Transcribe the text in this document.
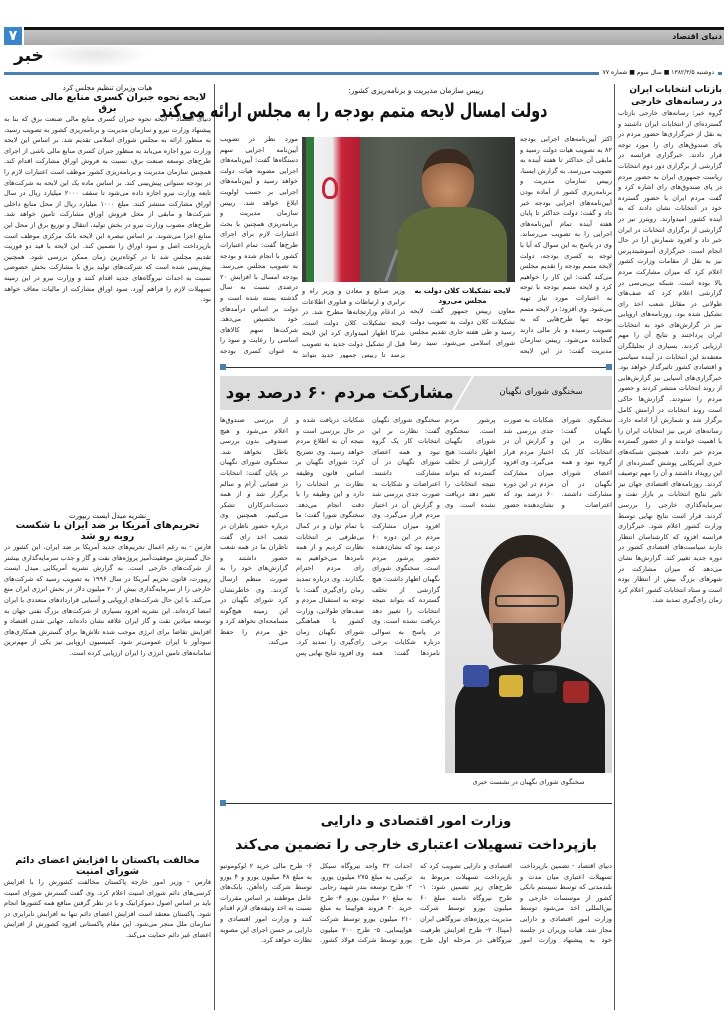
۷	دنیای اقتصاد
خبر
دوشنبه ۱۳۸۲/۳/۵ ■ سال سوم ■ شماره ۷۷
بازتاب انتخابات ایران در رسانه‌های خارجی
گروه خبر: رسانه‌های خارجی بازتاب گسترده‌ای از انتخابات ایران داشتند و به نقل از خبرگزاری‌ها حضور مردم در پای صندوق‌های رای را مورد توجه قرار دادند. خبرگزاری فرانسه در گزارشی از برگزاری دور دوم انتخابات ریاست جمهوری ایران به حضور مردم در پای صندوق‌های رای اشاره کرد و گفت مردم ایران با حضور گسترده خود در انتخابات نشان دادند که به آینده کشور امیدوارند. رویترز نیز در گزارشی از برگزاری انتخابات در ایران خبر داد و افزود شمارش آرا در حال انجام است. خبرگزاری آسوشیتدپرس نیز به نقل از مقامات وزارت کشور اعلام کرد که میزان مشارکت مردم بالا بوده است. شبکه بی‌بی‌سی در گزارشی اعلام کرد که صف‌های طولانی در مقابل شعب اخذ رای تشکیل شده بود. روزنامه‌های اروپایی نیز در گزارش‌های خود به انتخابات ایران پرداختند و نتایج آن را مهم ارزیابی کردند. بسیاری از تحلیلگران معتقدند این انتخابات در آینده سیاسی و اقتصادی کشور تاثیرگذار خواهد بود. خبرگزاری‌های آسیایی نیز گزارش‌هایی از روند انتخابات منتشر کردند و حضور مردم را ستودند. گزارش‌ها حاکی است روند انتخابات در آرامش کامل برگزار شد و شمارش آرا ادامه دارد. رسانه‌های عربی نیز انتخابات ایران را با اهمیت خواندند و از حضور گسترده مردم خبر دادند. همچنین شبکه‌های خبری آمریکایی پوشش گسترده‌ای از این رویداد داشتند و آن را مهم توصیف کردند. روزنامه‌های اقتصادی جهان نیز تاثیر نتایج انتخابات بر بازار نفت و سرمایه‌گذاری خارجی را بررسی کردند. قرار است نتایج نهایی توسط وزارت کشور اعلام شود. خبرگزاری فرانسه افزود که کارشناسان انتظار دارند سیاست‌های اقتصادی کشور در دوره جدید تغییر کند. گزارش‌ها نشان می‌دهد که میزان مشارکت در شهرهای بزرگ بیش از انتظار بوده است و ستاد انتخابات کشور اعلام کرد زمان رای‌گیری تمدید شد.
هیات وزیران تنظیم مجلس کرد
لایحه نحوه جبران کسری منابع مالی صنعت برق
دنیای اقتصاد - لایحه نحوه جبران کسری منابع مالی صنعت برق که بنا به پیشنهاد وزارت نیرو و سازمان مدیریت و برنامه‌ریزی کشور به تصویب رسید، به منظور ارائه به مجلس شورای اسلامی تقدیم شد. بر اساس این لایحه وزارت نیرو اجازه می‌یابد به منظور جبران کسری منابع مالی ناشی از اجرای طرح‌های توسعه صنعت برق، نسبت به فروش اوراق مشارکت اقدام کند. همچنین سازمان مدیریت و برنامه‌ریزی کشور موظف است اعتبارات لازم را در بودجه سنواتی پیش‌بینی کند. بر اساس ماده یک این لایحه به شرکت‌های تابعه وزارت نیرو اجازه داده می‌شود تا سقف ۲۰۰۰ میلیارد ریال در سال اوراق مشارکت منتشر کنند. مبلغ ۱۰۰۰ میلیارد ریال از محل منابع داخلی شرکت‌ها و مابقی از محل فروش اوراق مشارکت تامین خواهد شد. طرح‌های مصوب وزارت نیرو در بخش تولید، انتقال و توزیع برق از محل این منابع اجرا می‌شوند. بر اساس تبصره این لایحه بانک مرکزی موظف است بازپرداخت اصل و سود اوراق را تضمین کند. این لایحه با قید دو فوریت تقدیم مجلس شد تا در کوتاه‌ترین زمان ممکن بررسی شود. همچنین پیش‌بینی شده است که شرکت‌های تولید برق با مشارکت بخش خصوصی نسبت به احداث نیروگاه‌های جدید اقدام کنند و وزارت نیرو در این زمینه تسهیلات لازم را فراهم آورد. سود اوراق مشارکت از مالیات معاف خواهد بود.
نشریه میدل ایست ریپورت
تحریم‌های آمریکا بر ضد ایران با شکست روبه رو شد
فارس - به رغم اعمال تحریم‌های جدید آمریکا بر ضد ایران، این کشور در حال گسترش موفقیت‌آمیز پروژه‌های نفت و گاز و جذب سرمایه‌گذاری بیشتر از شرکت‌های خارجی است. به گزارش نشریه آمریکایی میدل ایست ریپورت، قانون تحریم آمریکا در سال ۱۹۹۶ به تصویب رسید که شرکت‌های خارجی را از سرمایه‌گذاری بیش از ۲۰ میلیون دلار در بخش انرژی ایران منع می‌کند. با این حال شرکت‌های اروپایی و آسیایی قراردادهای متعددی با ایران امضا کرده‌اند. این نشریه افزود بسیاری از شرکت‌های بزرگ نفتی جهان به توسعه میادین نفت و گاز ایران علاقه نشان داده‌اند. جهانی شدن اقتصاد و افزایش تقاضا برای انرژی موجب شده تلاش‌ها برای گسترش همکاری‌های سودآور با ایران عمومی‌تر شود. کمیسیون اروپایی نیز یکی از مهم‌ترین سامانه‌های تامین انرژی را ایران ارزیابی کرده است.
مخالفت پاکستان با افزایش اعضای دائم شورای امنیت
فارس - وزیر امور خارجه پاکستان مخالفت کشورش را با افزایش کرسی‌های دائم شورای امنیت اعلام کرد. وی گفت گسترش شورای امنیت باید بر اساس اصول دموکراتیک و با در نظر گرفتن منافع همه کشورها انجام شود. پاکستان معتقد است افزایش اعضای دائم تنها به افزایش نابرابری در سازمان ملل منجر می‌شود. این مقام پاکستانی افزود کشورش از افزایش اعضای غیر دائم حمایت می‌کند.
رییس سازمان مدیریت و برنامه‌ریزی کشور:
دولت امسال لایحه متمم بودجه را به مجلس ارائه می‌کند
اکثر آیین‌نامه‌های اجرایی بودجه ۸۲ به تصویب هیات دولت رسید و مابقی آن حداکثر تا هفته آینده به تصویب می‌رسد. به گزارش ایسنا، رییس سازمان مدیریت و برنامه‌ریزی کشور از آماده بودن آیین‌نامه‌های اجرایی بودجه خبر داد و گفت: دولت حداکثر تا پایان هفته آینده تمام آیین‌نامه‌های اجرایی را به تصویب می‌رساند. وی در پاسخ به این سوال که آیا با توجه به کسری بودجه، دولت لایحه متمم بودجه را تقدیم مجلس می‌کند گفت: این کار را خواهیم کرد و لایحه متمم بودجه با توجه به اعتبارات مورد نیاز تهیه می‌شود. وی افزود: در لایحه متمم بودجه تنها طرح‌هایی که به تصویب رسیده و بار مالی دارند گنجانده می‌شود. رییس سازمان مدیریت گفت: در این لایحه
مورد نظر در تصویب آیین‌نامه اجرایی سهم دستگاه‌ها گفت: آیین‌نامه‌های اجرایی مصوبه هیات دولت خواهد رسید و آیین‌نامه‌های اجرایی بر حسب اولویت ابلاغ خواهد شد. رییس سازمان مدیریت و برنامه‌ریزی همچنین با بحث اعتبارات لازم برای اجرای طرح‌ها گفت: تمام اعتبارات کشور با انجام شده و بودجه به تصویب مجلس می‌رسد. بودجه امسال با افزایش ۲۰ درصدی نسبت به سال گذشته بسته شده است و دولت بر اساس درآمدهای خود تخصیص می‌دهد. شرکت‌ها سهم کالاهای اساسی را رعایت و سود را به عنوان کسری بودجه
لایحه تشکیلات کلان دولت به مجلس می‌رود
معاون رییس جمهور گفت لایحه تشکیلات کلان دولت به تصویب دولت رسید و طی هفته جاری تقدیم مجلس شورای اسلامی می‌شود. سید رضا
وزیر صنایع و معادن و وزیر راه و ترابری و ارتباطات و فناوری اطلاعات در ادغام وزارتخانه‌ها مطرح شد. در لایحه تشکیلات کلان دولت است. شرکا اظهار امیدواری کرد این لایحه قبل از تشکیل دولت جدید به تصویب برسد تا رییس جمهور جدید بتواند
سخنگوی شورای نگهبان
مشارکت مردم ۶۰ درصد بود
سخنگوی شورای نگهبان گفت: نظارت بر این انتخابات کار یک گروه نبود و همه اعضای شورای نگهبان در آن مشارکت داشتند. اعتراضات و شکایات به صورت جدی بررسی شد و گزارش آن در اختیار مردم قرار می‌گیرد. وی افزود میزان مشارکت مردم در این دوره ۶۰ درصد بود که نشان‌دهنده حضور پرشور مردم است. سخنگوی شورای نگهبان اظهار داشت: هیچ گزارشی از تخلف گسترده که بتواند نتیجه انتخابات را تغییر دهد دریافت نشده است. وی در پاسخ به سوالی درباره شکایات برخی نامزدها گفت: همه شکایات دریافت شده و در حال بررسی است و نتیجه آن به اطلاع مردم خواهد رسید. وی تصریح کرد: شورای نگهبان بر اساس قانون وظیفه نظارت بر انتخابات را دارد و این وظیفه را با دقت انجام می‌دهد. سخنگوی شورا گفت: ما با تمام توان و در کمال بی‌طرفی بر انتخابات نظارت کردیم و از همه نامزدها می‌خواهیم به رای مردم احترام بگذارند. وی درباره تمدید زمان رای‌گیری گفت: با توجه به استقبال مردم و صف‌های طولانی، وزارت کشور با هماهنگی شورای نگهبان زمان رای‌گیری را تمدید کرد. وی افزود نتایج نهایی پس از بررسی صندوق‌ها اعلام می‌شود و هیچ صندوقی بدون بررسی باطل نخواهد شد. سخنگوی شورای نگهبان در پایان گفت: انتخابات در فضایی آرام و سالم برگزار شد و از همه دست‌اندرکاران تشکر می‌کنیم. همچنین وی درباره حضور ناظران در شعب اخذ رای گفت ناظران ما در همه شعب حضور داشتند و گزارش‌های خود را به صورت منظم ارسال کردند. وی خاطرنشان کرد شورای نگهبان در این زمینه هیچ‌گونه مسامحه‌ای نخواهد کرد و حق مردم را حفظ می‌کند.
سخنگوی شورای نگهبان گفت: نظارت بر این انتخابات کار یک گروه نبود و همه اعضای شورای نگهبان در آن مشارکت داشتند. اعتراضات و شکایات به صورت جدی بررسی شد و گزارش آن در اختیار مردم قرار می‌گیرد. وی افزود میزان مشارکت مردم در این دوره ۶۰ درصد بود که نشان‌دهنده حضور پرشور مردم است. سخنگوی شورای نگهبان اظهار داشت: هیچ گزارشی از تخلف گسترده که بتواند نتیجه انتخابات را تغییر دهد دریافت نشده است. وی
سخنگوی شورای نگهبان در نشست خبری
وزارت امور اقتصادی و دارایی
بازپرداخت تسهیلات اعتباری خارجی را تضمین می‌کند
دنیای اقتصاد - تضمین بازپرداخت تسهیلات اعتباری میان مدت و بلندمدتی که توسط سیستم بانکی کشور از موسسات خارجی و بین‌المللی اخذ می‌شود توسط وزارت امور اقتصادی و دارایی مجاز شد. هیات وزیران در جلسه خود به پیشنهاد وزارت امور اقتصادی و دارایی تصویب کرد که بازپرداخت تسهیلات مربوط به طرح‌های زیر تضمین شود: ۱- طرح نیروگاه دامنه مبلغ ۶۰ میلیون یورو توسط شرکت مدیریت پروژه‌های نیروگاهی ایران (مپنا). ۲- طرح افزایش ظرفیت نیروگاهی در مرحله اول طرح احداث ۳۲ واحد نیروگاه سیکل ترکیبی به مبلغ ۲۷۵ میلیون یورو. ۳- طرح توسعه بندر شهید رجایی به مبلغ ۲۰ میلیون یورو. ۴- طرح خرید ۳۰ فروند هواپیما به مبلغ ۲۱۰ میلیون یورو توسط شرکت هواپیمایی. ۵- طرح ۲۰۰ میلیون یورو توسط شرکت فولاد کشور. ۶- طرح مالی خرید ۲ لوکوموتیو به مبلغ ۴۸ میلیون یورو و ۴ یورو توسط شرکت راه‌آهن. بانک‌های عامل موظفند بر اساس مقررات نسبت به اخذ وثیقه‌های لازم اقدام کنند و وزارت امور اقتصادی و دارایی بر حسن اجرای این مصوبه نظارت خواهد کرد.
